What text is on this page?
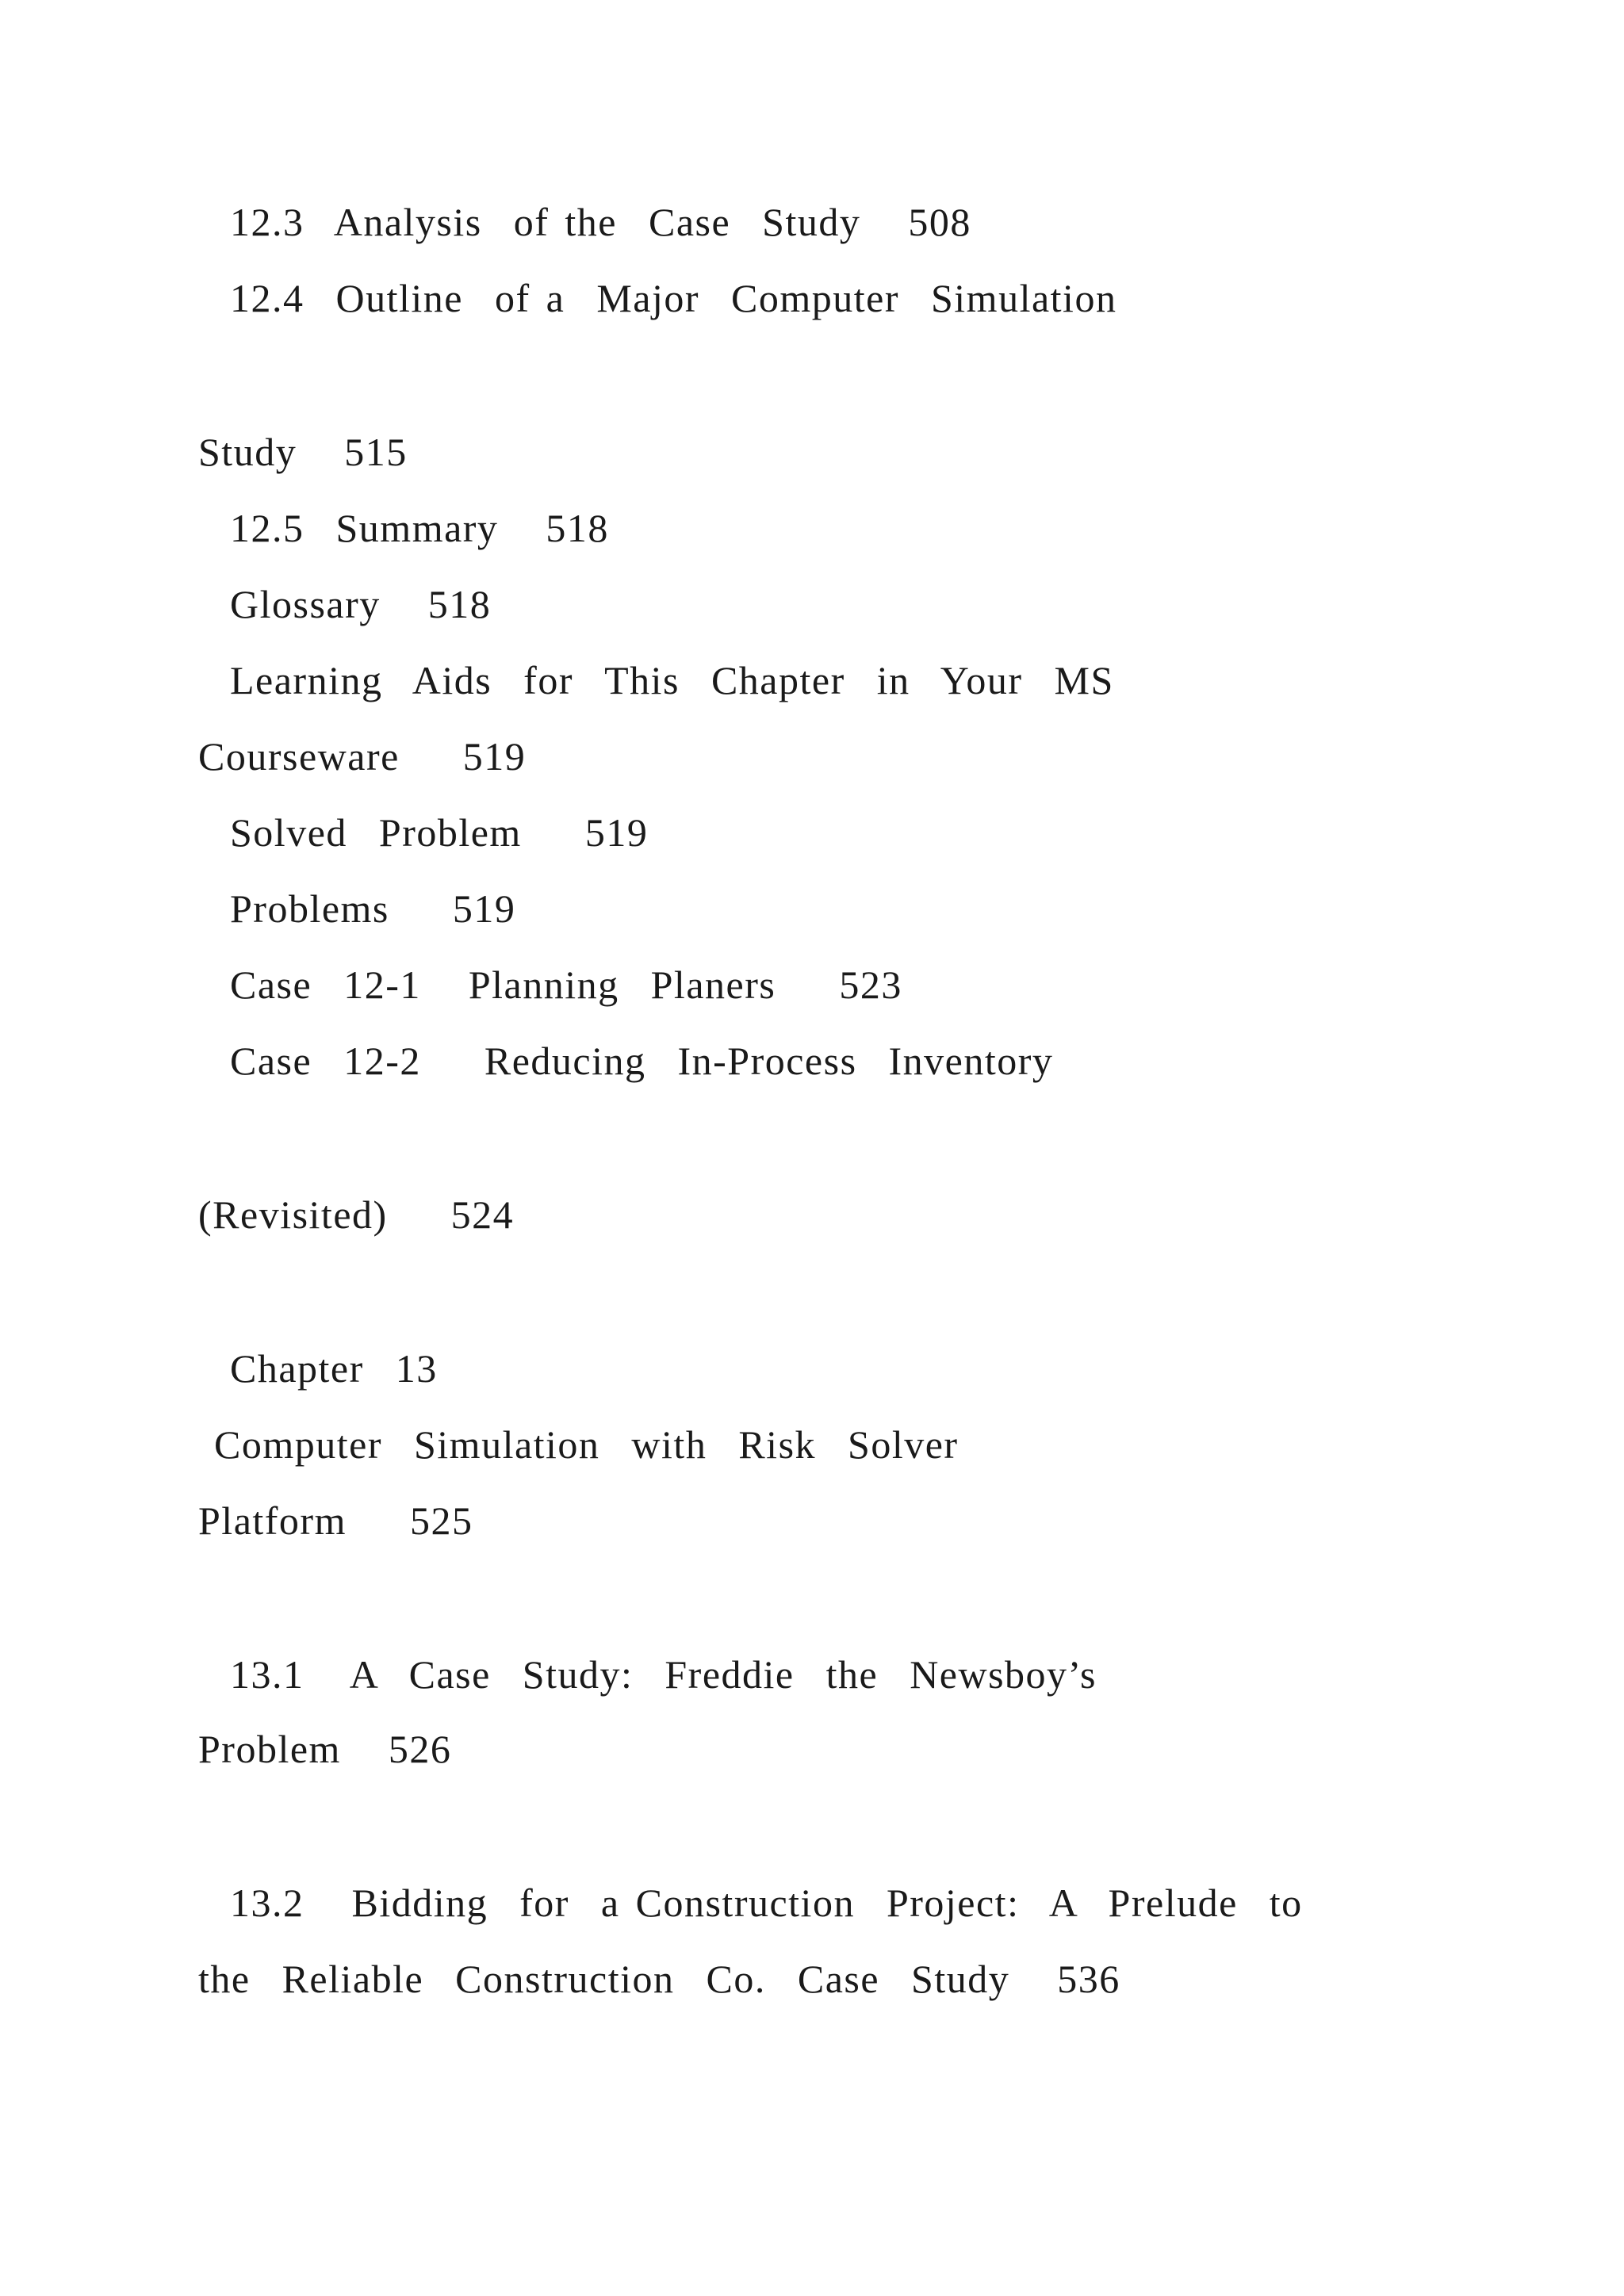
12.3  Analysis  of the  Case  Study   508
12.4  Outline  of a  Major  Computer  Simulation
Study   515
12.5  Summary   518
Glossary   518
Learning  Aids  for  This  Chapter  in  Your  MS
Courseware    519
Solved  Problem    519
Problems    519
Case  12-1   Planning  Planers    523
Case  12-2    Reducing  In-Process  Inventory
(Revisited)    524
Chapter  13
Computer  Simulation  with  Risk  Solver
Platform    525
13.1   A  Case  Study:  Freddie  the  Newsboy’s
Problem   526
13.2   Bidding  for  a Construction  Project:  A  Prelude  to
the  Reliable  Construction  Co.  Case  Study   536
